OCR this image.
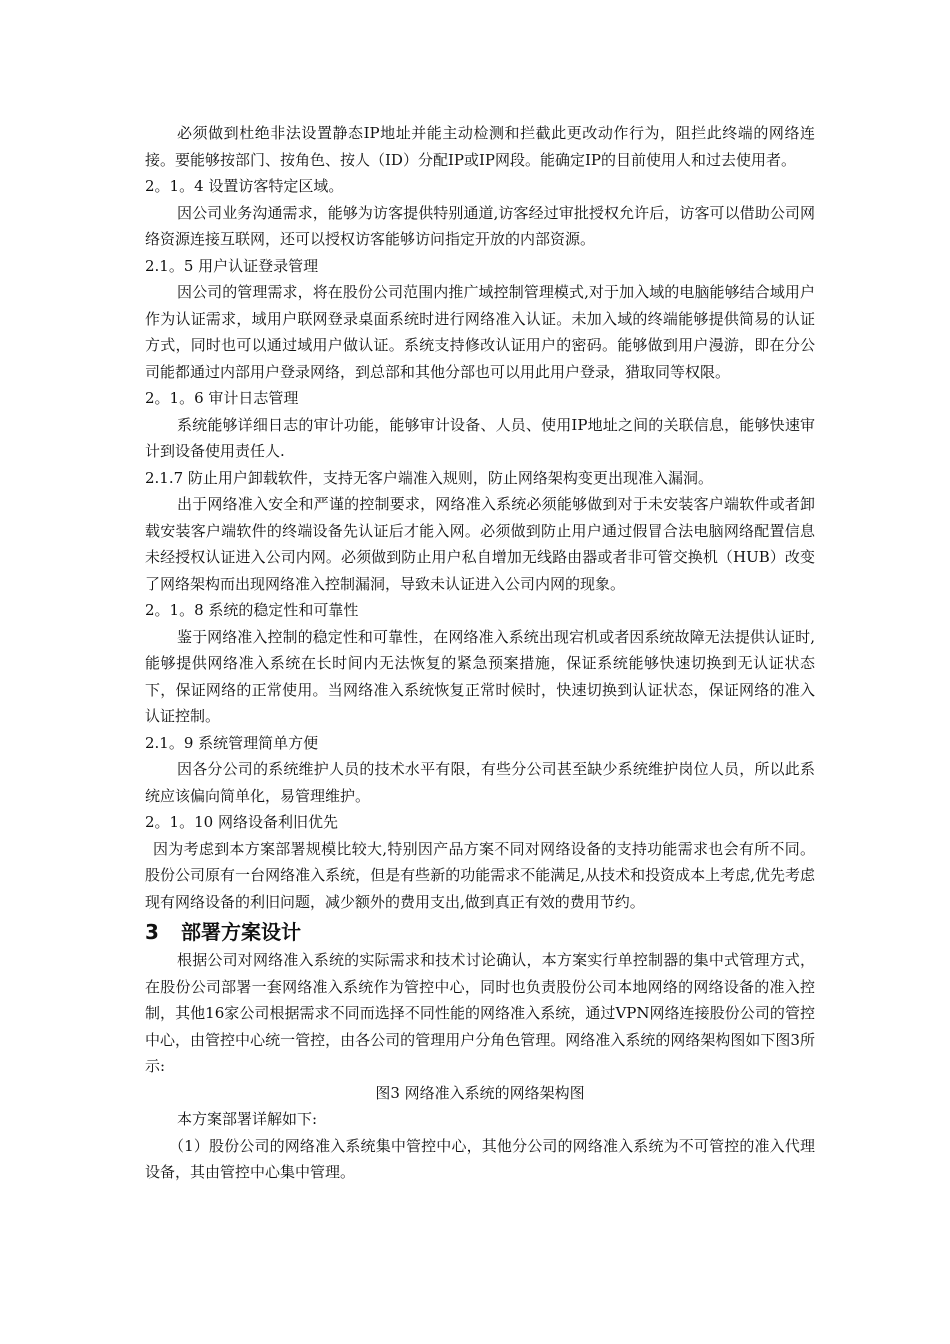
必须做到杜绝非法设置静态IP地址并能主动检测和拦截此更改动作行为，阻拦此终端的网络连接。要能够按部门、按角色、按人（ID）分配IP或IP网段。能确定IP的目前使用人和过去使用者。

2。1。4 设置访客特定区域。

因公司业务沟通需求，能够为访客提供特别通道,访客经过审批授权允许后，访客可以借助公司网络资源连接互联网，还可以授权访客能够访问指定开放的内部资源。

2.1。5 用户认证登录管理

因公司的管理需求，将在股份公司范围内推广域控制管理模式,对于加入域的电脑能够结合域用户作为认证需求，域用户联网登录桌面系统时进行网络准入认证。未加入域的终端能够提供简易的认证方式，同时也可以通过域用户做认证。系统支持修改认证用户的密码。能够做到用户漫游，即在分公司能都通过内部用户登录网络，到总部和其他分部也可以用此用户登录，猎取同等权限。

2。1。6 审计日志管理

系统能够详细日志的审计功能，能够审计设备、人员、使用IP地址之间的关联信息，能够快速审计到设备使用责任人.

2.1.7 防止用户卸载软件，支持无客户端准入规则，防止网络架构变更出现准入漏洞。

出于网络准入安全和严谨的控制要求，网络准入系统必须能够做到对于未安装客户端软件或者卸载安装客户端软件的终端设备先认证后才能入网。必须做到防止用户通过假冒合法电脑网络配置信息未经授权认证进入公司内网。必须做到防止用户私自增加无线路由器或者非可管交换机（HUB）改变了网络架构而出现网络准入控制漏洞，导致未认证进入公司内网的现象。

2。1。8 系统的稳定性和可靠性

鉴于网络准入控制的稳定性和可靠性，在网络准入系统出现宕机或者因系统故障无法提供认证时,能够提供网络准入系统在长时间内无法恢复的紧急预案措施，保证系统能够快速切换到无认证状态下，保证网络的正常使用。当网络准入系统恢复正常时候时，快速切换到认证状态，保证网络的准入认证控制。

2.1。9 系统管理简单方便

因各分公司的系统维护人员的技术水平有限，有些分公司甚至缺少系统维护岗位人员，所以此系统应该偏向简单化，易管理维护。

2。1。10 网络设备利旧优先

因为考虑到本方案部署规模比较大,特别因产品方案不同对网络设备的支持功能需求也会有所不同。股份公司原有一台网络准入系统，但是有些新的功能需求不能满足,从技术和投资成本上考虑,优先考虑现有网络设备的利旧问题，减少额外的费用支出,做到真正有效的费用节约。

3 部署方案设计

根据公司对网络准入系统的实际需求和技术讨论确认，本方案实行单控制器的集中式管理方式，在股份公司部署一套网络准入系统作为管控中心，同时也负责股份公司本地网络的网络设备的准入控制，其他16家公司根据需求不同而选择不同性能的网络准入系统，通过VPN网络连接股份公司的管控中心，由管控中心统一管控，由各公司的管理用户分角色管理。网络准入系统的网络架构图如下图3所示:

图3 网络准入系统的网络架构图

本方案部署详解如下:

（1）股份公司的网络准入系统集中管控中心，其他分公司的网络准入系统为不可管控的准入代理设备，其由管控中心集中管理。
